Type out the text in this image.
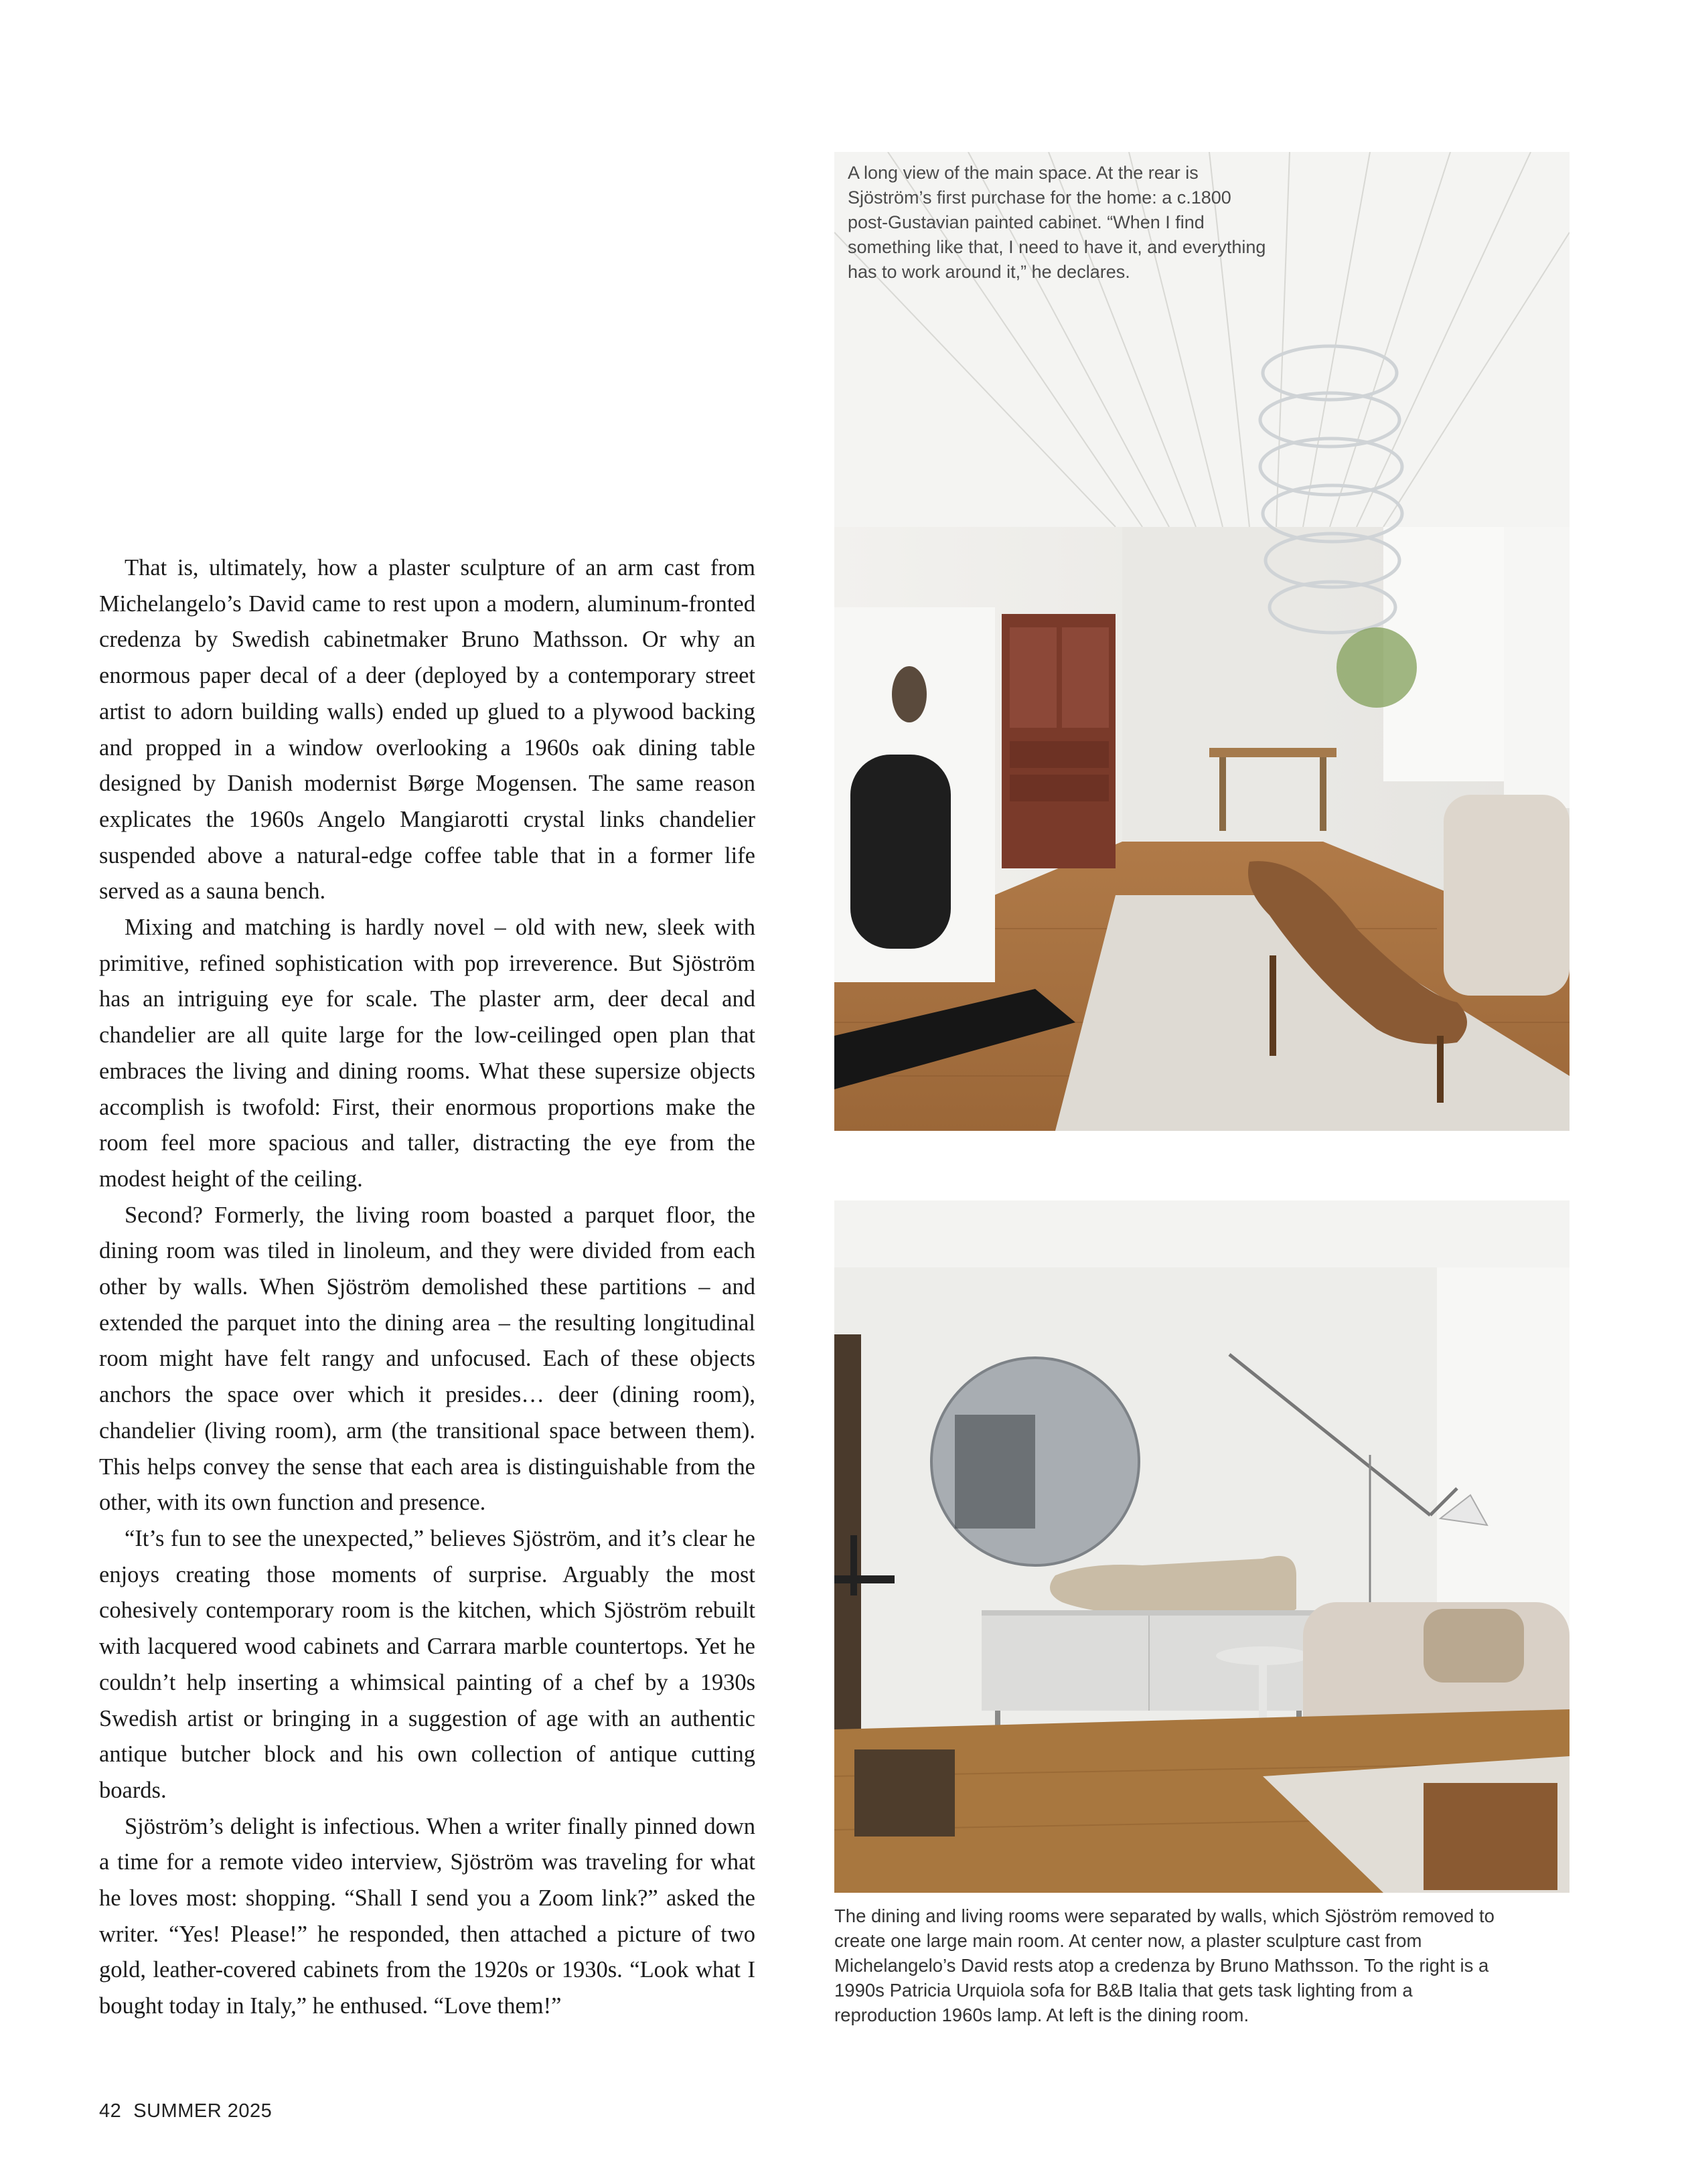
A long view of the main space. At the rear is Sjöström’s first purchase for the home: a c.1800 post-Gustavian painted cabinet. “When I find something like that, I need to have it, and everything has to work around it,” he declares.
The dining and living rooms were separated by walls, which Sjöström removed to create one large main room. At center now, a plaster sculpture cast from Michelangelo’s David rests atop a credenza by Bruno Mathsson. To the right is a 1990s Patricia Urquiola sofa for B&B Italia that gets task lighting from a reproduction 1960s lamp. At left is the dining room.

That is, ultimately, how a plaster sculpture of an arm cast from Michelangelo’s David came to rest upon a modern, aluminum-fronted credenza by Swedish cabinetmaker Bruno Mathsson. Or why an enormous paper decal of a deer (deployed by a contemporary street artist to adorn building walls) ended up glued to a plywood backing and propped in a window overlooking a 1960s oak dining table designed by Danish modernist Børge Mogensen. The same reason explicates the 1960s Angelo Mangiarotti crystal links chandelier suspended above a natural-edge coffee table that in a former life served as a sauna bench.

Mixing and matching is hardly novel – old with new, sleek with primitive, refined sophistication with pop irreverence. But Sjöström has an intriguing eye for scale. The plaster arm, deer decal and chandelier are all quite large for the low-ceilinged open plan that embraces the living and dining rooms. What these supersize objects accomplish is twofold: First, their enormous proportions make the room feel more spacious and taller, distracting the eye from the modest height of the ceiling.

Second? Formerly, the living room boasted a parquet floor, the dining room was tiled in linoleum, and they were divided from each other by walls. When Sjöström demolished these partitions – and extended the parquet into the dining area – the resulting longitudinal room might have felt rangy and unfocused. Each of these objects anchors the space over which it presides… deer (dining room), chandelier (living room), arm (the transitional space between them). This helps convey the sense that each area is distinguishable from the other, with its own function and presence.

“It’s fun to see the unexpected,” believes Sjöström, and it’s clear he enjoys creating those moments of surprise. Arguably the most cohesively contemporary room is the kitchen, which Sjöström rebuilt with lacquered wood cabinets and Carrara marble countertops. Yet he couldn’t help inserting a whimsical painting of a chef by a 1930s Swedish artist or bringing in a suggestion of age with an authentic antique butcher block and his own collection of antique cutting boards.

Sjöström’s delight is infectious. When a writer finally pinned down a time for a remote video interview, Sjöström was traveling for what he loves most: shopping. “Shall I send you a Zoom link?” asked the writer. “Yes! Please!” he responded, then attached a picture of two gold, leather-covered cabinets from the 1920s or 1930s. “Look what I bought today in Italy,” he enthused. “Love them!”

42 SUMMER 2025
